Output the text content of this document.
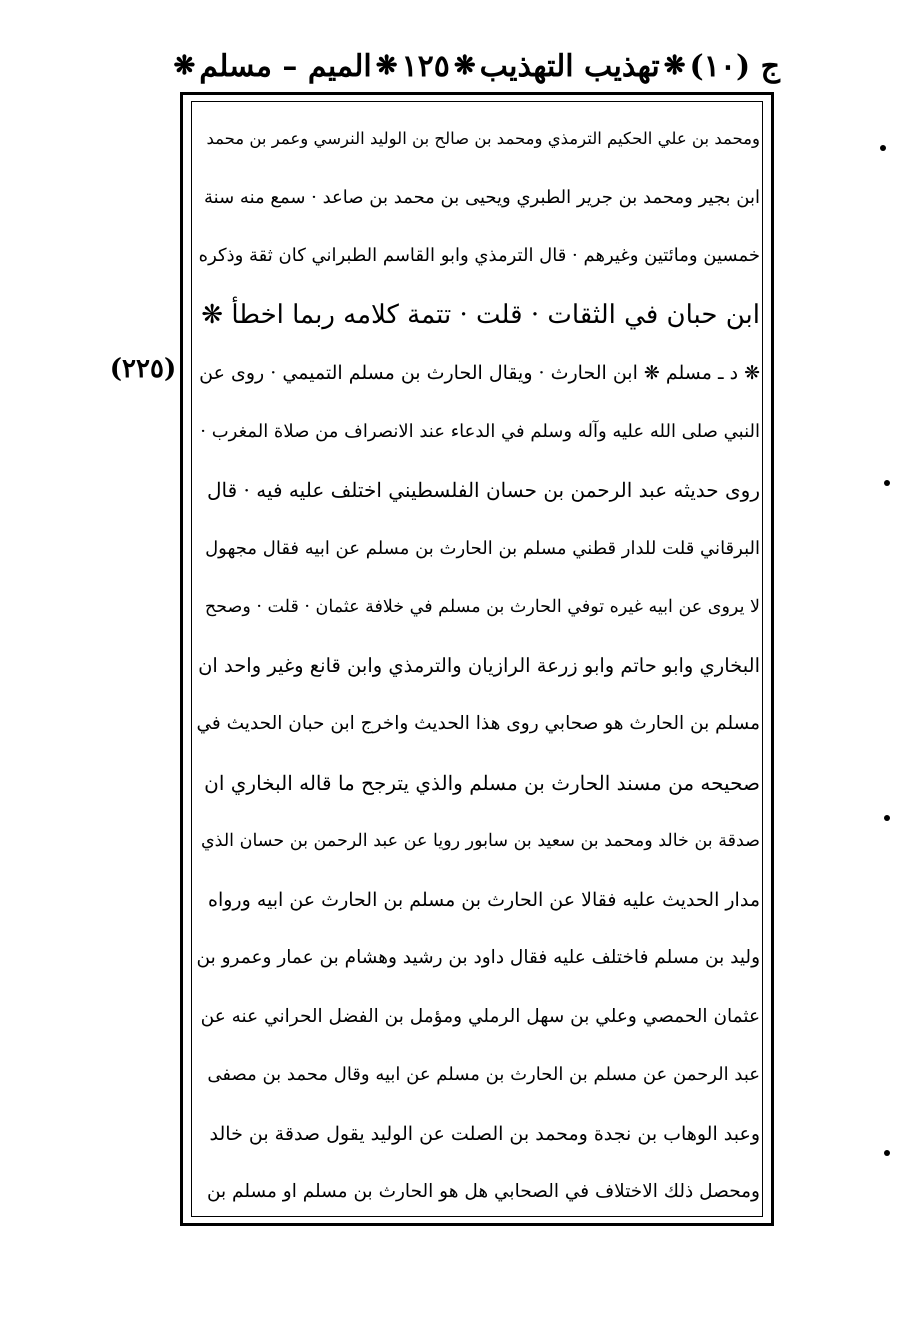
ج (١٠)
❋
تهذيب التهذيب
❋
١٢٥
❋
الميم – مسلم
❋
(٢٢٥)
ومحمد بن علي الحكيم الترمذي ومحمد بن صالح بن الوليد النرسي وعمر بن محمد
ابن بجير ومحمد بن جرير الطبري ويحيى بن محمد بن صاعد · سمع منه سنة
خمسين ومائتين وغيرهم · قال الترمذي وابو القاسم الطبراني كان ثقة وذكره
ابن حبان في الثقات · قلت · تتمة كلامه ربما اخطأ ❋
❋ د ـ مسلم ❋ ابن الحارث · ويقال الحارث بن مسلم التميمي · روى عن
النبي صلى الله عليه وآله وسلم في الدعاء عند الانصراف من صلاة المغرب ·
روى حديثه عبد الرحمن بن حسان الفلسطيني اختلف عليه فيه · قال
البرقاني قلت للدار قطني مسلم بن الحارث بن مسلم عن ابيه فقال مجهول
لا يروى عن ابيه غيره توفي الحارث بن مسلم في خلافة عثمان · قلت · وصحح
البخاري وابو حاتم وابو زرعة الرازيان والترمذي وابن قانع وغير واحد ان
مسلم بن الحارث هو صحابي روى هذا الحديث واخرج ابن حبان الحديث في
صحيحه من مسند الحارث بن مسلم والذي يترجح ما قاله البخاري ان
صدقة بن خالد ومحمد بن سعيد بن سابور رويا عن عبد الرحمن بن حسان الذي
مدار الحديث عليه فقالا عن الحارث بن مسلم بن الحارث عن ابيه ورواه
وليد بن مسلم فاختلف عليه فقال داود بن رشيد وهشام بن عمار وعمرو بن
عثمان الحمصي وعلي بن سهل الرملي ومؤمل بن الفضل الحراني عنه عن
عبد الرحمن عن مسلم بن الحارث بن مسلم عن ابيه وقال محمد بن مصفى
وعبد الوهاب بن نجدة ومحمد بن الصلت عن الوليد يقول صدقة بن خالد
ومحصل ذلك الاختلاف في الصحابي هل هو الحارث بن مسلم او مسلم بن
